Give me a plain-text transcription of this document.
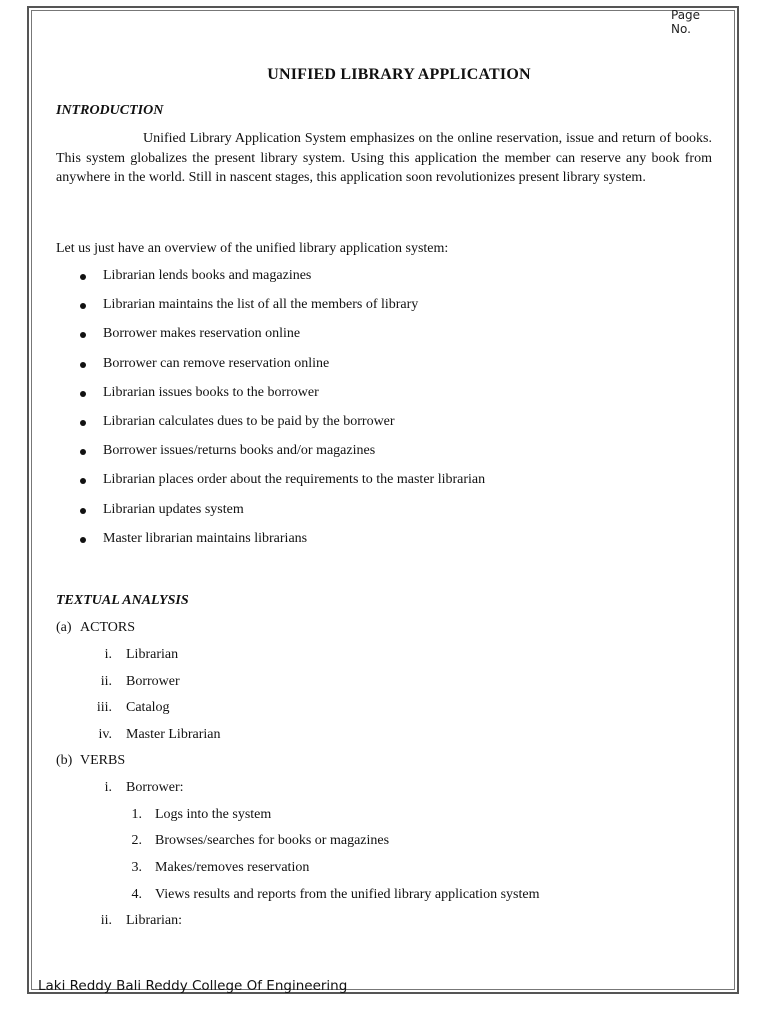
Page
No.
UNIFIED LIBRARY APPLICATION
INTRODUCTION
Unified Library Application System emphasizes on the online reservation, issue and return of books. This system globalizes the present library system. Using this application the member can reserve any book from anywhere in the world. Still in nascent stages, this application soon revolutionizes present library system.
Let us just have an overview of the unified library application system:
Librarian lends books and magazines
Librarian maintains the list of all the members of library
Borrower makes reservation online
Borrower can remove reservation online
Librarian issues books to the borrower
Librarian calculates dues to be paid by the borrower
Borrower issues/returns books and/or magazines
Librarian places order about the requirements to the master librarian
Librarian updates system
Master librarian maintains librarians
TEXTUAL ANALYSIS
(a) ACTORS
i. Librarian
ii. Borrower
iii. Catalog
iv. Master Librarian
(b) VERBS
i. Borrower:
1. Logs into the system
2. Browses/searches for books or magazines
3. Makes/removes reservation
4. Views results and reports from the unified library application system
ii. Librarian:
Laki Reddy Bali Reddy College Of Engineering
